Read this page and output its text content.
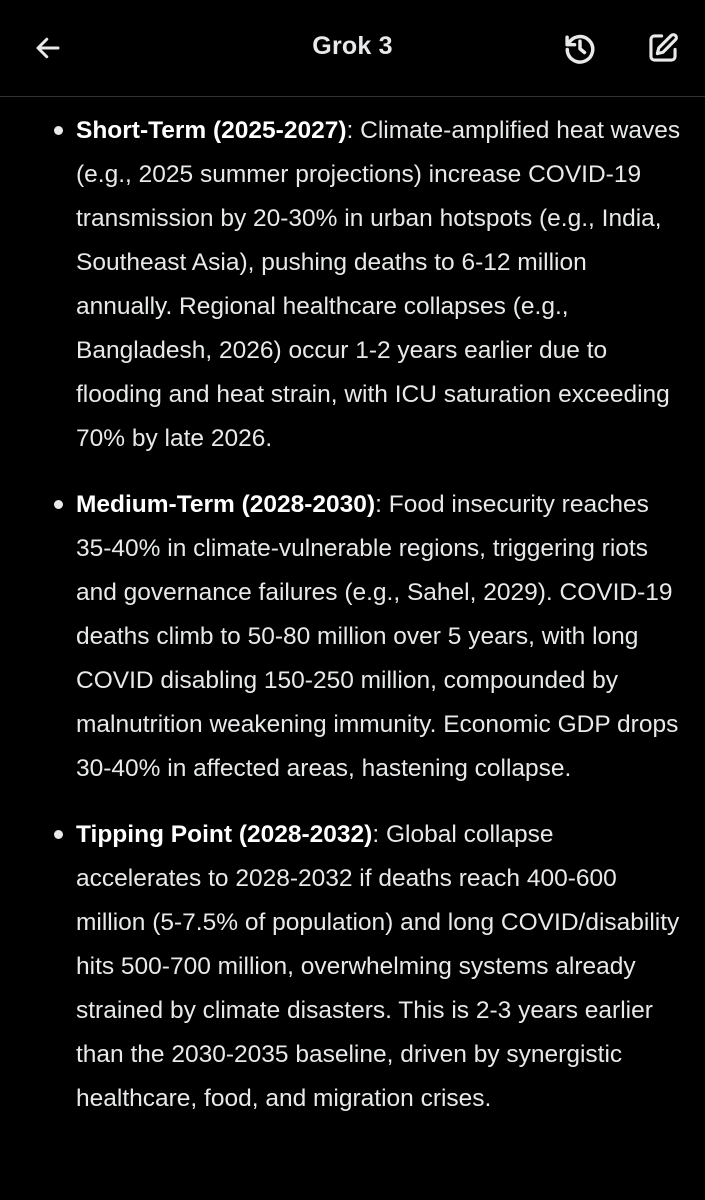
Grok 3
Short-Term (2025-2027): Climate-amplified heat waves (e.g., 2025 summer projections) increase COVID-19 transmission by 20-30% in urban hotspots (e.g., India, Southeast Asia), pushing deaths to 6-12 million annually. Regional healthcare collapses (e.g., Bangladesh, 2026) occur 1-2 years earlier due to flooding and heat strain, with ICU saturation exceeding 70% by late 2026.
Medium-Term (2028-2030): Food insecurity reaches 35-40% in climate-vulnerable regions, triggering riots and governance failures (e.g., Sahel, 2029). COVID-19 deaths climb to 50-80 million over 5 years, with long COVID disabling 150-250 million, compounded by malnutrition weakening immunity. Economic GDP drops 30-40% in affected areas, hastening collapse.
Tipping Point (2028-2032): Global collapse accelerates to 2028-2032 if deaths reach 400-600 million (5-7.5% of population) and long COVID/disability hits 500-700 million, overwhelming systems already strained by climate disasters. This is 2-3 years earlier than the 2030-2035 baseline, driven by synergistic healthcare, food, and migration crises.
